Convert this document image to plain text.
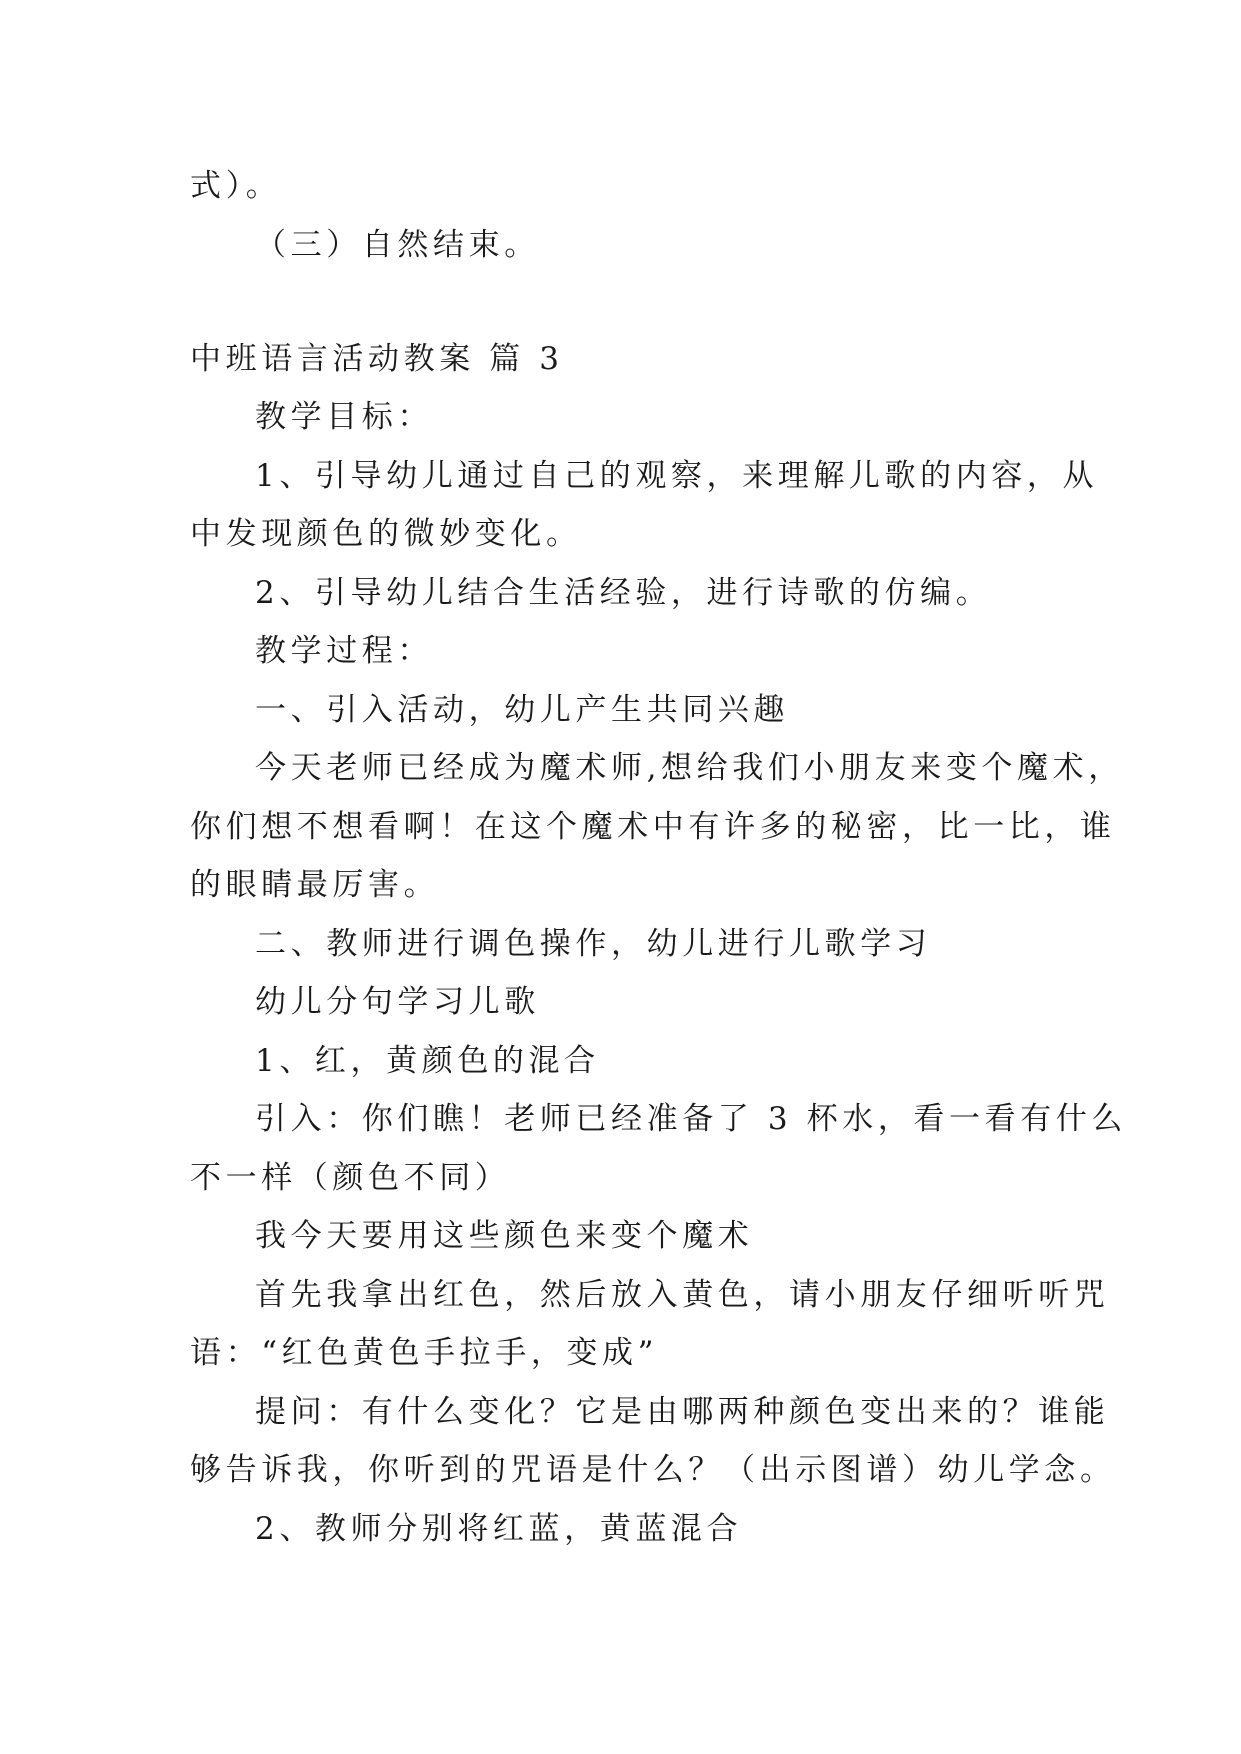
式）。
（三）自然结束。
中班语言活动教案 篇 3
教学目标：
1、引导幼儿通过自己的观察，来理解儿歌的内容，从
中发现颜色的微妙变化。
2、引导幼儿结合生活经验，进行诗歌的仿编。
教学过程：
一、引入活动，幼儿产生共同兴趣
今天老师已经成为魔术师,想给我们小朋友来变个魔术，
你们想不想看啊！在这个魔术中有许多的秘密，比一比，谁
的眼睛最厉害。
二、教师进行调色操作，幼儿进行儿歌学习
幼儿分句学习儿歌
1、红，黄颜色的混合
引入：你们瞧！老师已经准备了 3 杯水，看一看有什么
不一样（颜色不同）
我今天要用这些颜色来变个魔术
首先我拿出红色，然后放入黄色，请小朋友仔细听听咒
语：“红色黄色手拉手，变成”
提问：有什么变化？它是由哪两种颜色变出来的？谁能
够告诉我，你听到的咒语是什么？（出示图谱）幼儿学念。
2、教师分别将红蓝，黄蓝混合
